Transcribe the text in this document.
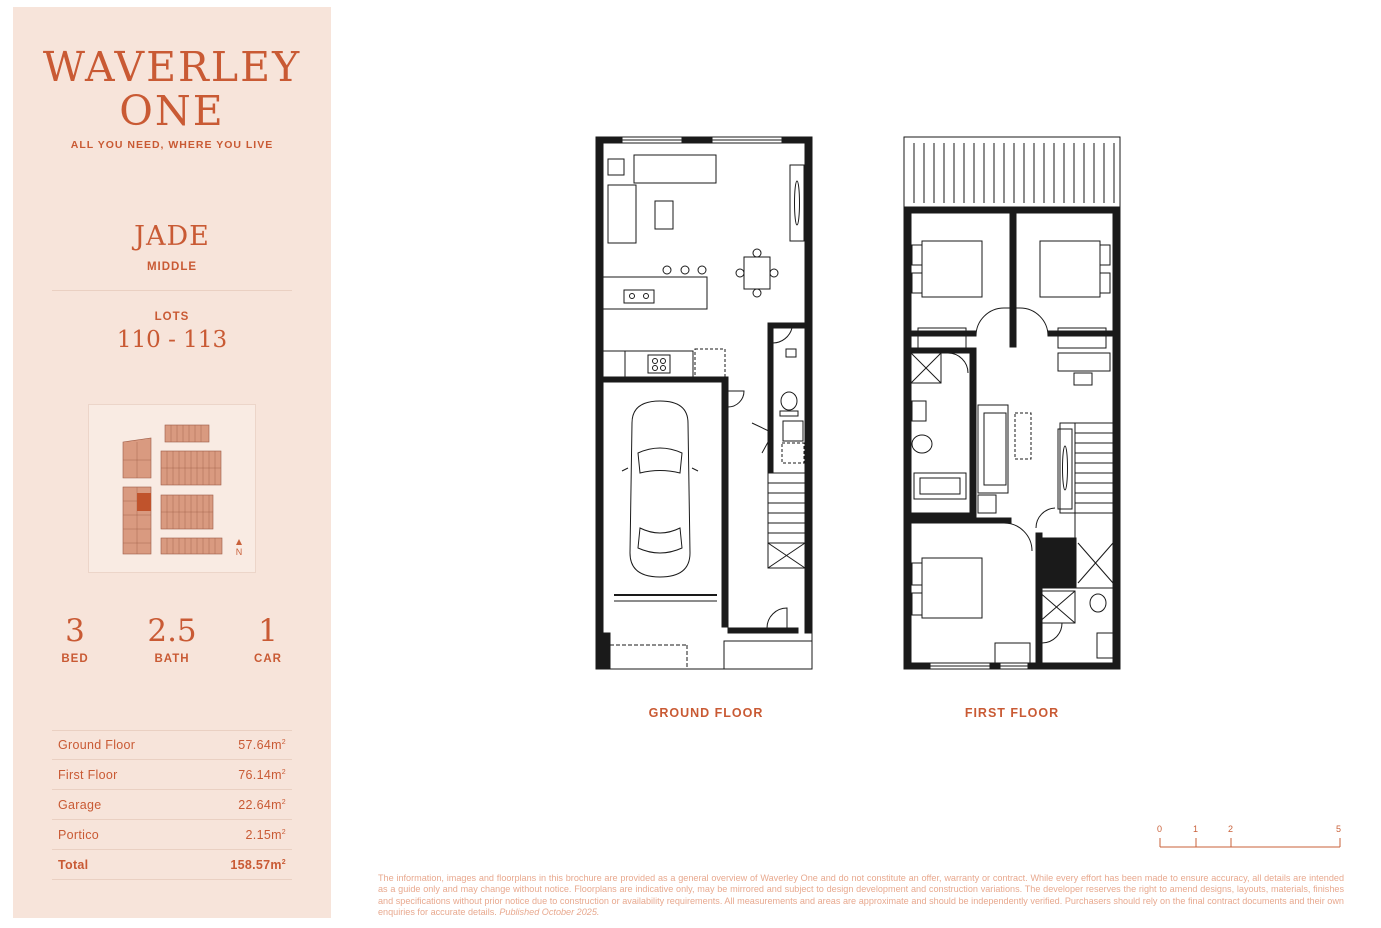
WAVERLEY
ONE
ALL YOU NEED, WHERE YOU LIVE
JADE
MIDDLE
LOTS
110 - 113
N
3
BED
2.5
BATH
1
CAR
Ground Floor	$57.64m^2$
First Floor	$76.14m^2$
Garage	$22.64m^2$
Portico	$2.15m^2$
Total	$158.57m^2$
GROUND FLOOR	FIRST FLOOR
0	1	2	5
The information, images and floorplans in this brochure are provided as a general overview of Waverley One and do not constitute an offer, warranty or contract. While every effort has been made to ensure accuracy, all details are intended as a guide only and may change without notice. Floorplans are indicative only, may be mirrored and subject to design development and construction variations. The developer reserves the right to amend designs, layouts, materials, finishes and specifications without prior notice due to construction or availability requirements. All measurements and areas are approximate and should be independently verified. Purchasers should rely on the final contract documents and their own enquiries for accurate details. Published October 2025.
